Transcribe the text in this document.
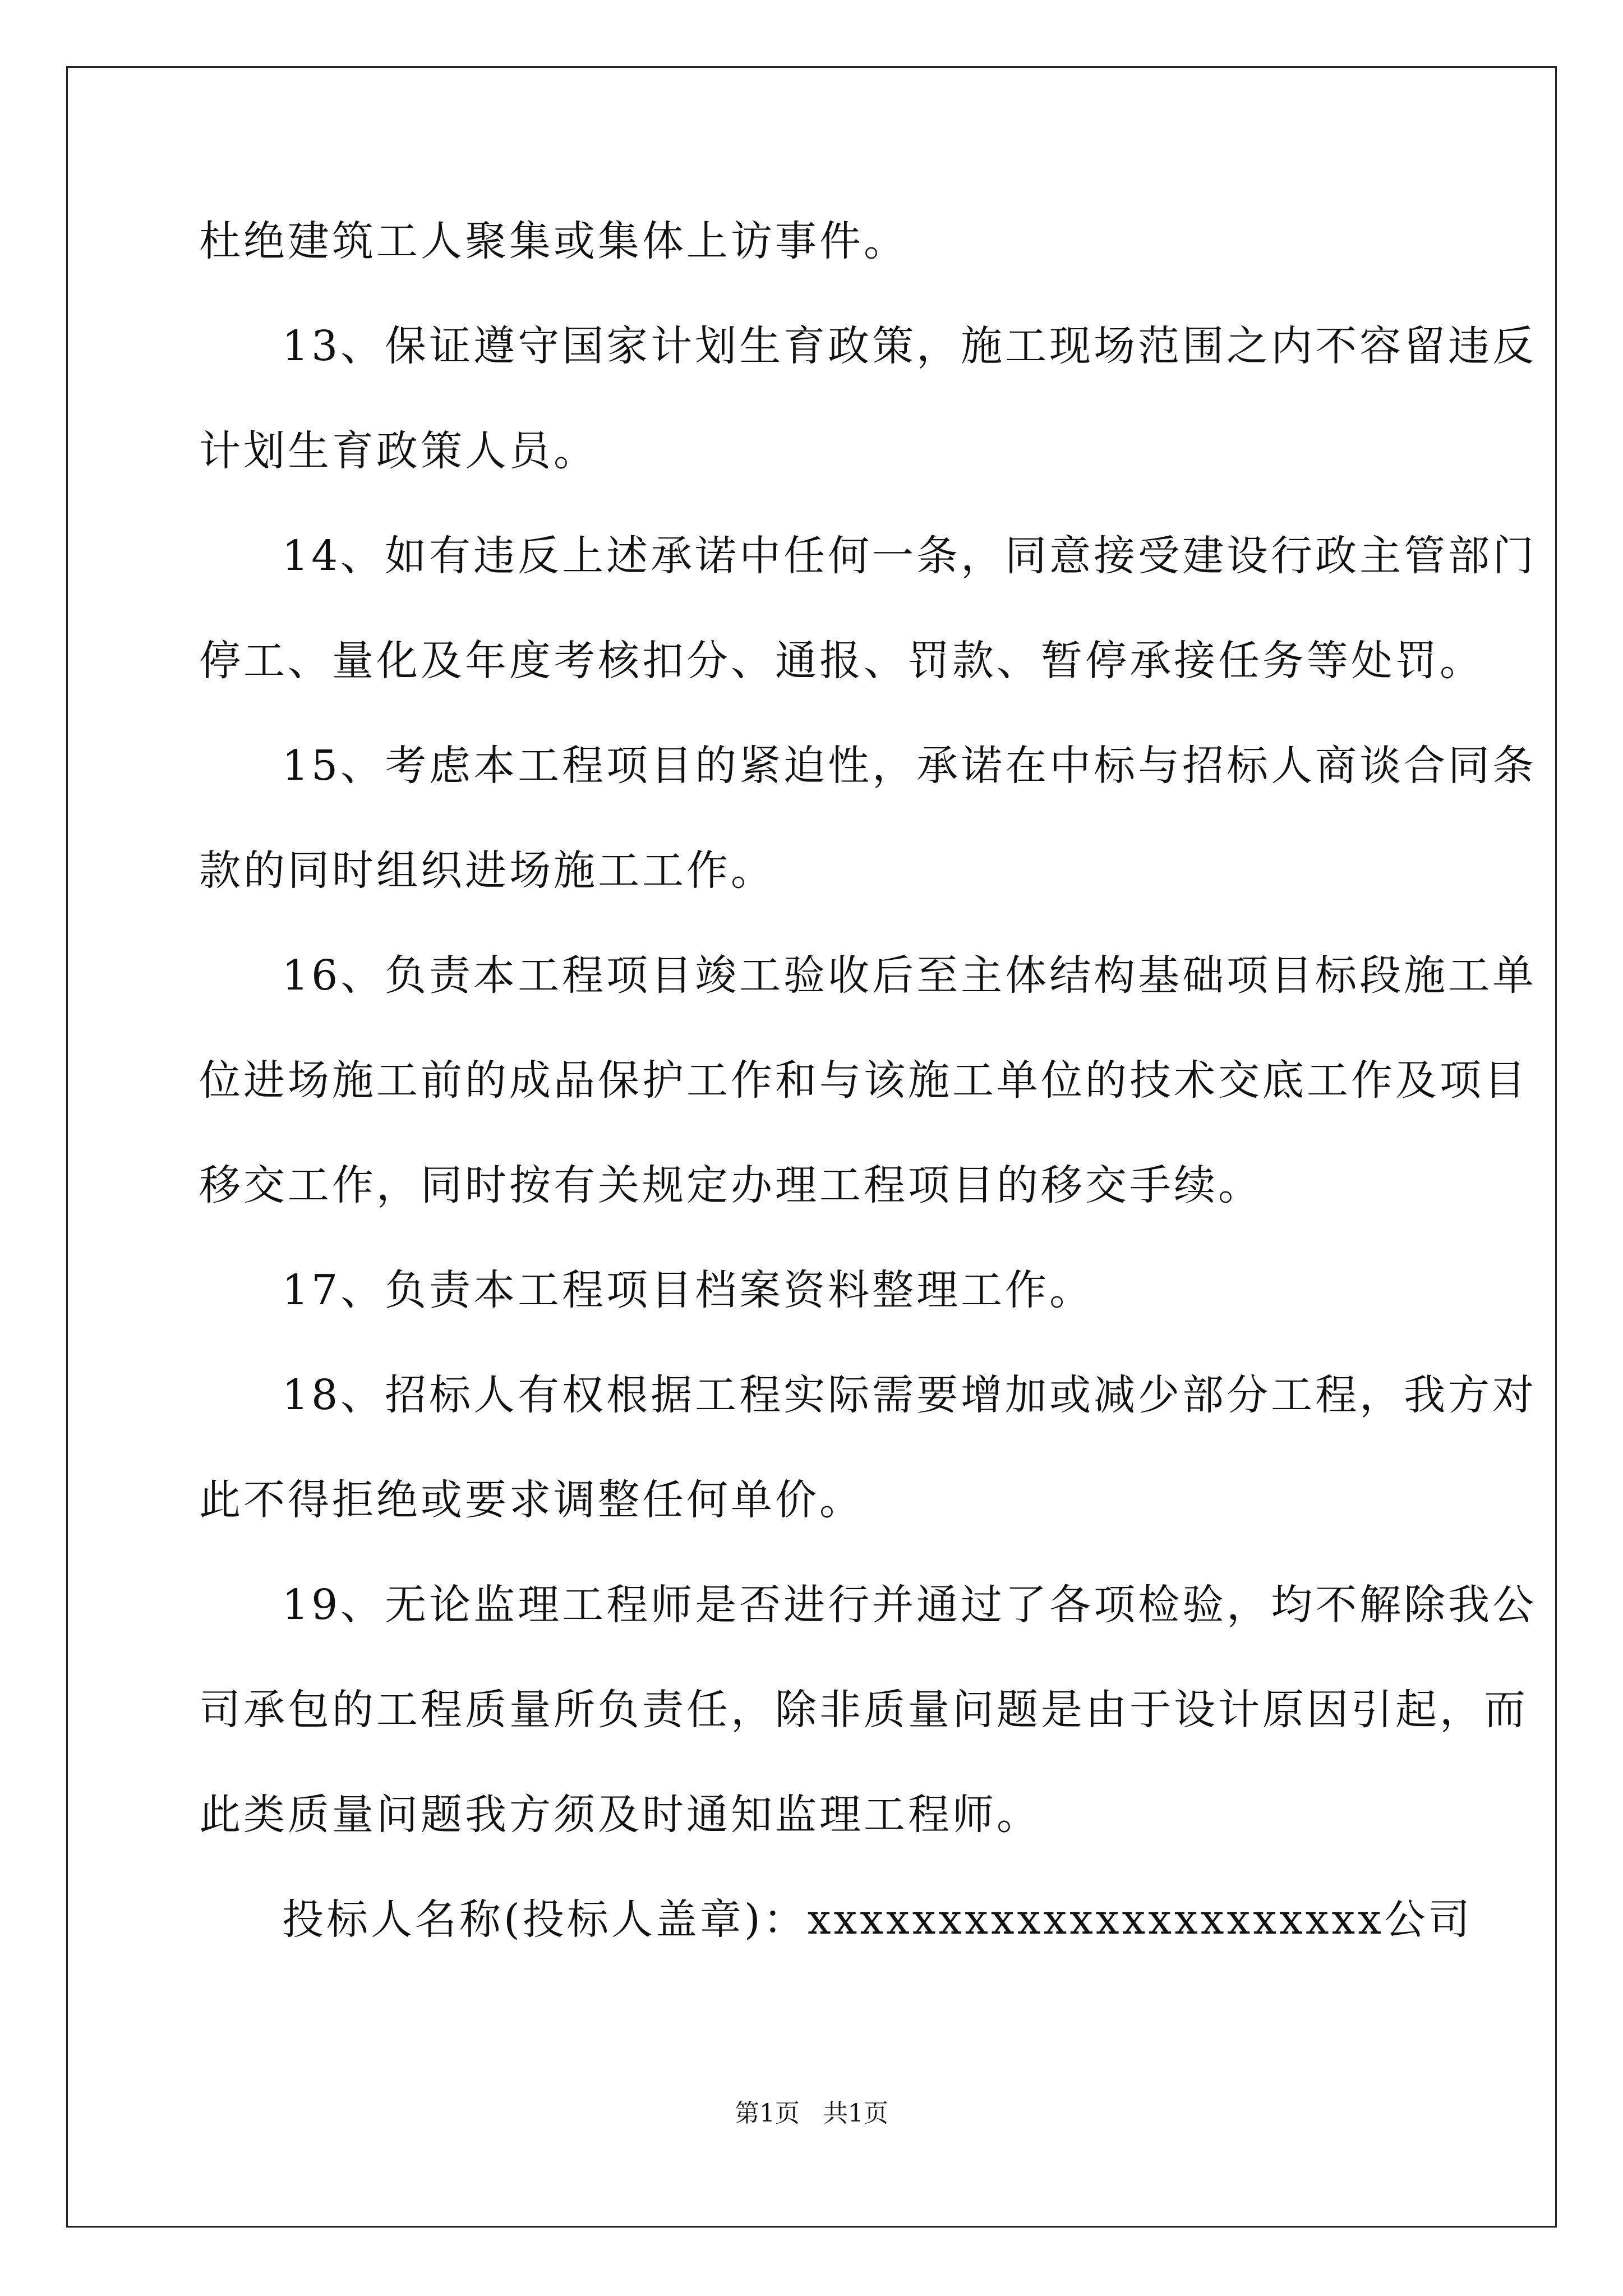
杜绝建筑工人聚集或集体上访事件。
13、保证遵守国家计划生育政策，施工现场范围之内不容留违反
计划生育政策人员。
14、如有违反上述承诺中任何一条，同意接受建设行政主管部门
停工、量化及年度考核扣分、通报、罚款、暂停承接任务等处罚。
15、考虑本工程项目的紧迫性，承诺在中标与招标人商谈合同条
款的同时组织进场施工工作。
16、负责本工程项目竣工验收后至主体结构基础项目标段施工单
位进场施工前的成品保护工作和与该施工单位的技术交底工作及项目
移交工作，同时按有关规定办理工程项目的移交手续。
17、负责本工程项目档案资料整理工作。
18、招标人有权根据工程实际需要增加或减少部分工程，我方对
此不得拒绝或要求调整任何单价。
19、无论监理工程师是否进行并通过了各项检验，均不解除我公
司承包的工程质量所负责任，除非质量问题是由于设计原因引起，而
此类质量问题我方须及时通知监理工程师。
投标人名称(投标人盖章)：xxxxxxxxxxxxxxxxxxxxxx公司
第1页   共1页
